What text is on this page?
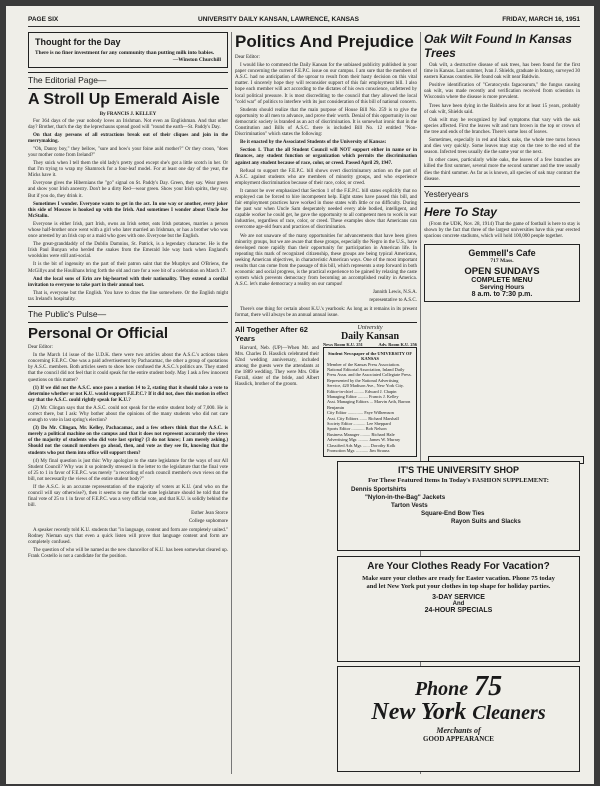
PAGE SIX	UNIVERSITY DAILY KANSAN, LAWRENCE, KANSAS	FRIDAY, MARCH 16, 1951
Thought for the Day
There is no finer investment for any community than putting milk into babies.
—Winston Churchill
The Editorial Page—
A Stroll Up Emerald Aisle
By FRANCIS J. KELLEY

For 364 days of the year nobody loves an Irishman. Not even an Englishman. And that other day? Brother, that's the day the leprechauns spread good will "round the earth—St. Paddy's Day.

On that day persons of all extractions break out of their cliques and join in the merrymaking.

"Oh, Danny boy," they bellow, "sure and how's your foine auld mother?" Or they croon, "does your mother come from Ireland?"

They snick when I tell them the old lady's pretty good except she's got a little scotch in her. Or that I'm trying to wrap my Shamrock for a four-leaf model. For at least one day of the year, the Micks have it.

Everyone gives the Hibernians the "go" signal on St. Paddy's Day. Green, they say. Wear green and show your Irish ancestry. Don't be a dirty Red—wear green. Show your Irish spirits, they say. But if you do, they drink it.

Sometimes I wonder. Everyone wants to get in the act. In one way or another, every joker this side of Moscow is hooked up with the Irish. And sometimes I wonder about Uncle Joe McStalin.

Everyone is either Irish, part Irish, owns an Irish setter, eats Irish potatoes, marries a person whose half-brother once went with a girl who later married an Irishman, or has a brother who was once arrested by an Irish cop or a maid who goes with one. Everyone but the English.

The great-granddaddy of the Dublin Damnins, St. Patrick, is a legendary character. He is the Irish Paul Bunyan who herded the snakes from the Emerald Isle way back when England's woolskins were still anti-social.

It is the bit of ingenuity on the part of their patron saint that the Murphys and O'Briens, the McGillys and the Houlihans bring forth the old and rare for a wee bit of a celebration on March 17.

And the local sons of Erin are big-hearted with their nationality. They extend a cordial invitation to everyone to take part in their annual toot.

That is, everyone but the English. You have to draw the line somewhere. Or the English might tax Ireland's hospitality.

The Public's Pulse—
Personal Or Official

Dear Editor:

In the March 14 issue of the U.D.K. there were two articles about the A.S.C.'s actions taken concerning F.E.P.C. One was a paid advertisement by Pachacamac, the other a group of quotations by A.S.C. members. Both articles seem to show how confused the A.S.C.'s politics are. They stated that the council did not feel that it could speak for the entire student body. May I ask a few innocent questions on this matter?

(1) If we did not the A.S.C. once pass a motion 14 to 2, stating that it should take a vote to determine whether or not K.U. would support F.E.P.C.? If it did not, does this motion in effect say that the A.S.C. could rightly speak for K.U.?

(2) Mr. Clingan says that the A.S.C. could not speak for the entire student body of 7,000. He is correct there, but I ask: Why bother about the opinions of the many students who did not care enough to vote in last spring's election?

(3) Do Mr. Clingan, Mr. Kelley, Pachacamac, and a few others think that the A.S.C. is merely a political machine on the campus and that it does not represent accurately the views of the majority of students who did vote last spring? (3 do not know; I am merely asking.) Should not the council members go ahead, then, and vote as they see fit, knowing that the students who put them into office will support them?

(4) My final question is just this: Why apologize to the state legislature for the ways of our All Student Council? Why was it so pointedly stressed in the letter to the legislature that the final vote of 25 to 1 in favor of F.E.P.C. was merely "a recording of each council member's own views on the bill, not necessarily the views of the entire student body?"

If the A.S.C. is an accurate representation of the majority of voters at K.U. (and who on the council will say otherwise?), then it seems to me that the state legislature should be told that the final vote of 25 to 1 in favor of F.E.P.C. was a very official vote, and that K.U. is solidly behind the bill.

Esther Jean Storce

College sophomore

A speaker recently told K.U. students that "in language, content and form are completely united." Rodney Nieman says that even a quick listen will prove that language content and form are completely confused.

The question of who will be named as the new chancellor of K.U. has been somewhat cleared up. Frank Costello is not a candidate for the position.

Politics And Prejudice

Dear Editor:

I would like to commend the Daily Kansan for the unbiased publicity published in your paper concerning the current F.E.P.C. issue on our campus. I am sure that the members of A.S.C. had no anticipation of the uproar to result from their hasty decision on this vital matter. I sincerely hope they will reconsider support of this fair employment bill. I also hope each member will act according to the dictates of his own conscience, unfettered by local political pressure. It is most discrediting to the council that they allowed the local "cold war" of politics to interfere with its just consideration of this bill of national concern.

Students should realize that the main purpose of House Bill No. 259 is to give the opportunity to all men to advance, and prove their worth. Denial of this opportunity in our democratic society is branded as an act of discrimination. It is somewhat ironic that in the Constitution and Bills of A.S.C. there is included Bill No. 12 entitled "Non-Discrimination" which states the following:

Be it enacted by the Associated Students of the University of Kansas:

Section 1. That the all Student Council will NOT support either in name or in finances, any student function or organization which permits the discrimination against any student because of race, color, or creed. Passed April 29, 1947.

Refusal to support the F.E.P.C. bill shows overt discriminatory action on the part of A.S.C. against students who are members of minority groups, and who experience employment discrimination because of their race, color, or creed.

It cannot be over emphasized that Section 1 of the F.E.P.C. bill states explicitly that no employed can be forced to hire incompetent help. Eight states have passed this bill, and fair employment practices have worked in those states with little or no difficulty. During the past war when Uncle Sam desperately needed every able bodied, intelligent, and capable worker he could get, he gave the opportunity to all competent men to work in war industries, regardless of race, color, or creed. These examples show that Americans can overcome age-old fears and practices of discrimination.

We are not unaware of the many opportunities for advancements that have been given minority groups, but we are aware that these groups, especially the Negro in the U.S., have developed more rapidly than their opportunity for participation in American life. In repeating this mark of recognized citizenship, these groups are being typical Americans, seeking American objectives, in characteristic American ways. One of the most important results that can come from the passage of this bill, which represents a step forward in both economic and social progress, is the practical experience to be gained by relaxing the caste system which prevents democracy from becoming an accomplished reality in America. A.S.C. let's make democracy a reality on our campus!

Jannith Lewis, N.S.A.

representative to A.S.C.

There's one thing for certain about K.U.'s yearbook: As long as it remains in its present format, there will always be an annual annual issue.

All Together After 62 Years

Harvard, Neb. (UP)—When Mr. and Mrs. Charles D. Hasslick celebrated their 62nd wedding anniversary, included among the guests were the attendants at the 1889 wedding. They were Mrs. Ollie Farrall, sister of the bride, and Albert Hasslick, brother of the groom.

University
Daily Kansan
News Room K.U. 251	Adv. Room K.U. 256
Student Newspaper of the UNIVERSITY OF KANSAS
Member of the Kansas Press Association. National Editorial Association, Inland Daily Press Assn. and the Associated Collegiate Press. Represented by the National Advertising Service, 420 Madison Ave., New York City.
Editor-in-chief ......... Edward J. Chapin
Managing Editor ......... Francis J. Kelley
Asst. Managing Editors ... Marvin Arth, Barron Benjamin
City Editor .............. Faye Wilhemson
Asst. City Editors ....... Richard Marshall
Society Editor ........... Lee Sheppard
Sports Editor ............ Bob Nelson
Business Manager ......... Richard Hale
Advertising Mgr. ......... James W. Murray
Classified Ads Mgr. ...... Dorothy Kolk
Promotion Mgr. ........... Jim Strauss
Oak Wilt Found In Kansas Trees

Oak wilt, a destructive disease of oak trees, has been found for the first time in Kansas. Last summer, Ivan J. Shields, graduate in botany, surveyed 30 eastern Kansas counties. He found oak wilt near Baldwin.

Positive identification of "Ceratocystis fagacearum," the fungus causing oak wilt, was made recently and verification received from scientists in Wisconsin where the disease is more prevalent.

Trees have been dying in the Baldwin area for at least 15 years, probably of oak wilt, Shields said.

Oak wilt may be recognized by leaf symptoms that vary with the oak species affected. First the leaves wilt and turn brown in the top or crown of the tree and ends of the branches. There's some loss of leaves.

Sometimes, especially in red and black oaks, the whole tree turns brown and dies very quickly. Some leaves may stay on the tree to the end of the season. Infected trees usually die the same year or the next.

In other cases, particularly white oaks, the leaves of a few branches are killed the first summer, several more the second summer and the tree usually dies the third summer. As far as is known, all species of oak may contract the disease.

Yesteryears
Here To Stay

(From the UDK, Nov. 28, 1914) That the game of football is here to stay is shown by the fact that three of the largest universities have this year erected spacious concrete stadiums, which will hold 100,000 people together.

Gemmell's Cafe
717 Mass.
OPEN SUNDAYS
COMPLETE MENU
Serving Hours
8 a.m. to 7:30 p.m.
IT'S THE UNIVERSITY SHOP
For These Featured Items In Today's FASHION SUPPLEMENT:
Dennis Sportshirts
"Nylon-in-the-Bag" Jackets
Tarton Vests
Square-End Bow Ties
Rayon Suits and Slacks
Are Your Clothes Ready For Vacation?
Make sure your clothes are ready for Easter vacation. Phone 75 today and let New York put your clothes in top shape for holiday parties.
3-DAY SERVICE
And
24-HOUR SPECIALS
Phone 75
New York Cleaners
Merchants of
GOOD APPEARANCE
